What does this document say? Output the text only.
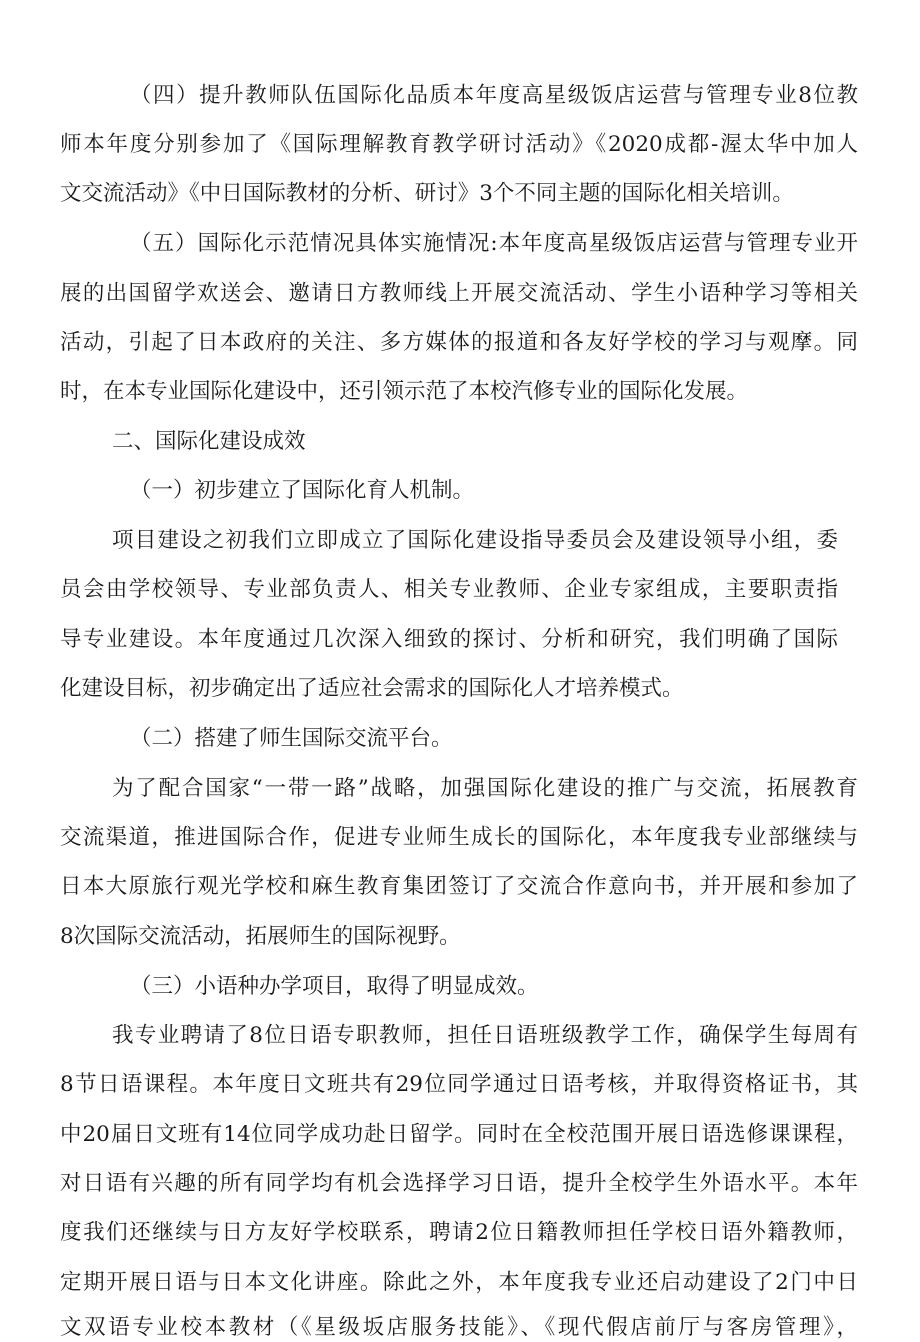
（四）提升教师队伍国际化品质本年度高星级饭店运营与管理专业8位教
师本年度分别参加了《国际理解教育教学研讨活动》《2020成都-渥太华中加人
文交流活动》《中日国际教材的分析、研讨》3个不同主题的国际化相关培训。
（五）国际化示范情况具体实施情况:本年度高星级饭店运营与管理专业开
展的出国留学欢送会、邀请日方教师线上开展交流活动、学生小语种学习等相关
活动，引起了日本政府的关注、多方媒体的报道和各友好学校的学习与观摩。同
时，在本专业国际化建设中，还引领示范了本校汽修专业的国际化发展。
二、国际化建设成效
（一）初步建立了国际化育人机制。
项目建设之初我们立即成立了国际化建设指导委员会及建设领导小组，委
员会由学校领导、专业部负责人、相关专业教师、企业专家组成，主要职责指
导专业建设。本年度通过几次深入细致的探讨、分析和研究，我们明确了国际
化建设目标，初步确定出了适应社会需求的国际化人才培养模式。
（二）搭建了师生国际交流平台。
为了配合国家“一带一路”战略，加强国际化建设的推广与交流，拓展教育
交流渠道，推进国际合作，促进专业师生成长的国际化，本年度我专业部继续与
日本大原旅行观光学校和麻生教育集团签订了交流合作意向书，并开展和参加了
8次国际交流活动，拓展师生的国际视野。
（三）小语种办学项目，取得了明显成效。
我专业聘请了8位日语专职教师，担任日语班级教学工作，确保学生每周有
8节日语课程。本年度日文班共有29位同学通过日语考核，并取得资格证书，其
中20届日文班有14位同学成功赴日留学。同时在全校范围开展日语选修课课程，
对日语有兴趣的所有同学均有机会选择学习日语，提升全校学生外语水平。本年
度我们还继续与日方友好学校联系，聘请2位日籍教师担任学校日语外籍教师，
定期开展日语与日本文化讲座。除此之外，本年度我专业还启动建设了2门中日
文双语专业校本教材（《星级坂店服务技能》、《现代假店前厅与客房管理》，
